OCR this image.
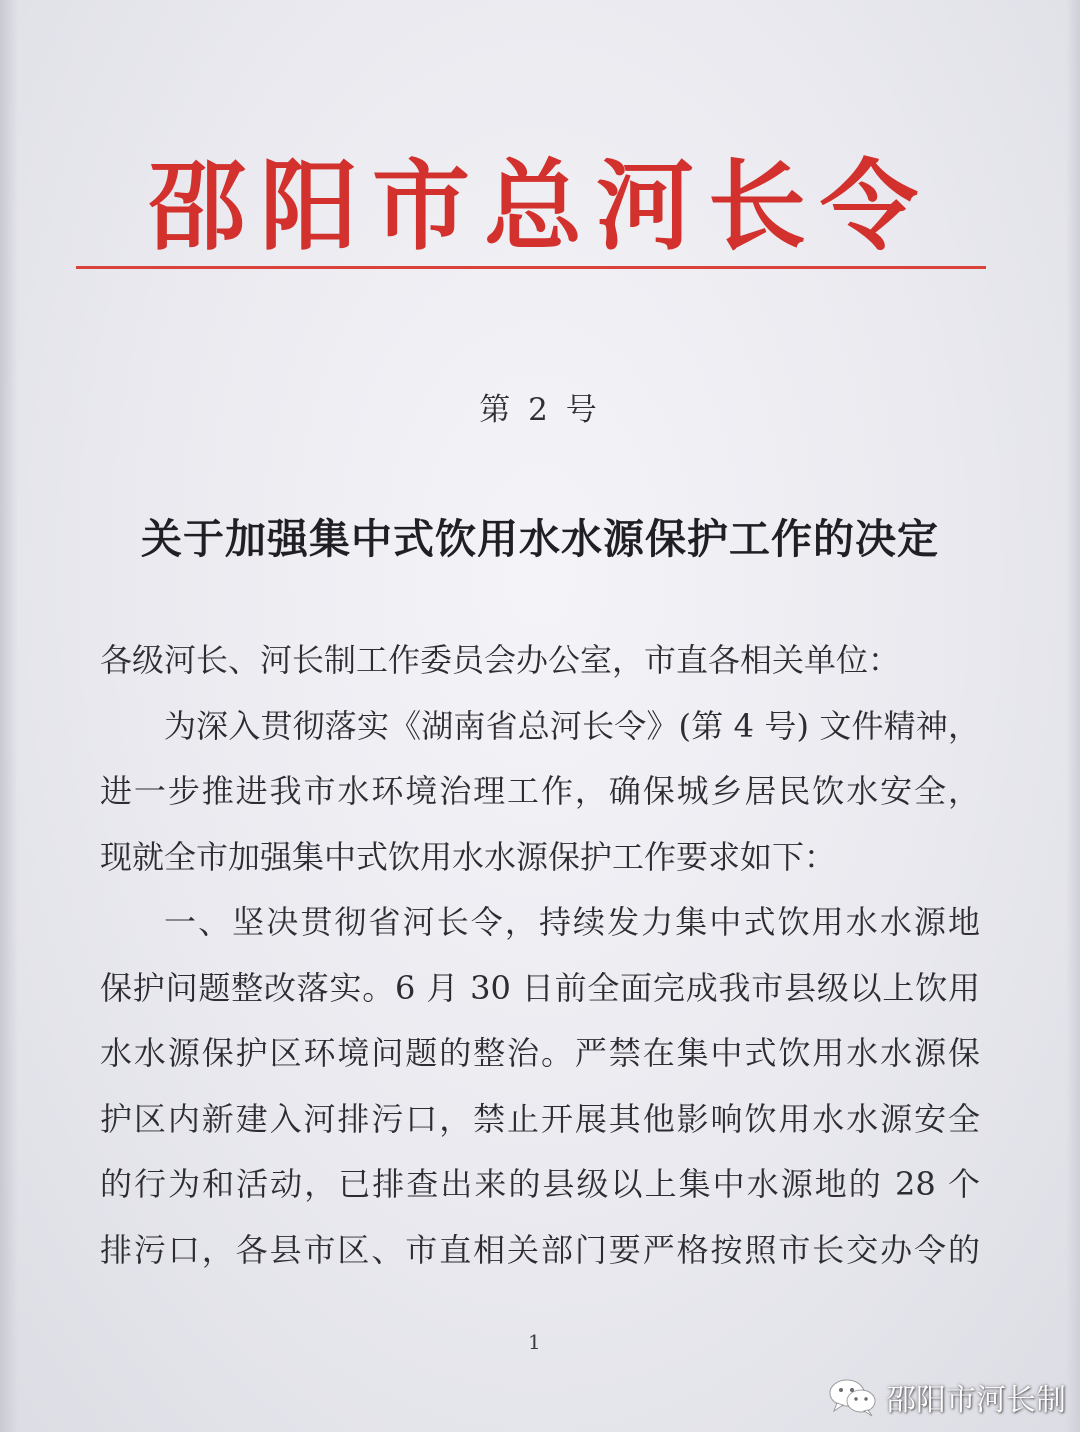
邵阳市总河长令
第 2 号
关于加强集中式饮用水水源保护工作的决定
各级河长、河长制工作委员会办公室，市直各相关单位：
为深入贯彻落实《湖南省总河长令》(第 4 号) 文件精神，
进一步推进我市水环境治理工作，确保城乡居民饮水安全，
现就全市加强集中式饮用水水源保护工作要求如下：
一、坚决贯彻省河长令，持续发力集中式饮用水水源地
保护问题整改落实。6 月 30 日前全面完成我市县级以上饮用
水水源保护区环境问题的整治。严禁在集中式饮用水水源保
护区内新建入河排污口，禁止开展其他影响饮用水水源安全
的行为和活动，已排查出来的县级以上集中水源地的 28 个
排污口，各县市区、市直相关部门要严格按照市长交办令的
1
邵阳市河长制
